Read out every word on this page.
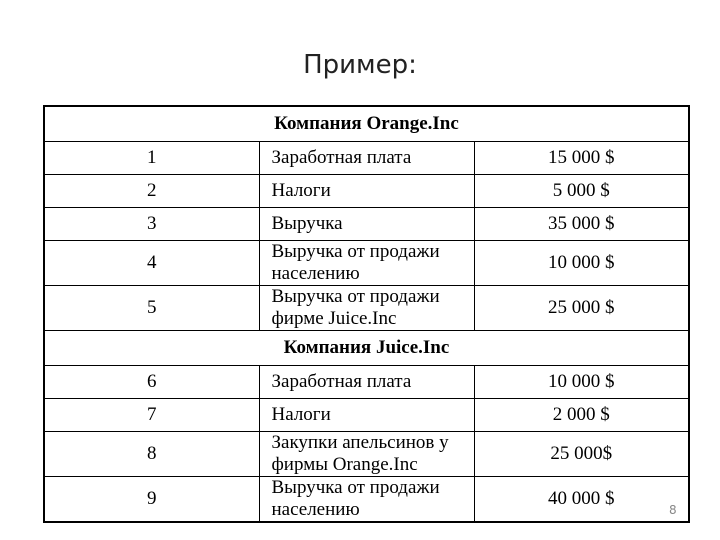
Пример:
Компания Orange.Inc		
1	Заработная плата	15 000 $
2	Налоги	5 000 $
3	Выручка	35 000 $
4	Выручка от продажи населению	10 000 $
5	Выручка от продажи фирме Juice.Inc	25 000 $
Компания Juice.Inc		
6	Заработная плата	10 000 $
7	Налоги	2 000 $
8	Закупки апельсинов у фирмы Orange.Inc	25 000$
9	Выручка от продажи населению	40 000 $
8
